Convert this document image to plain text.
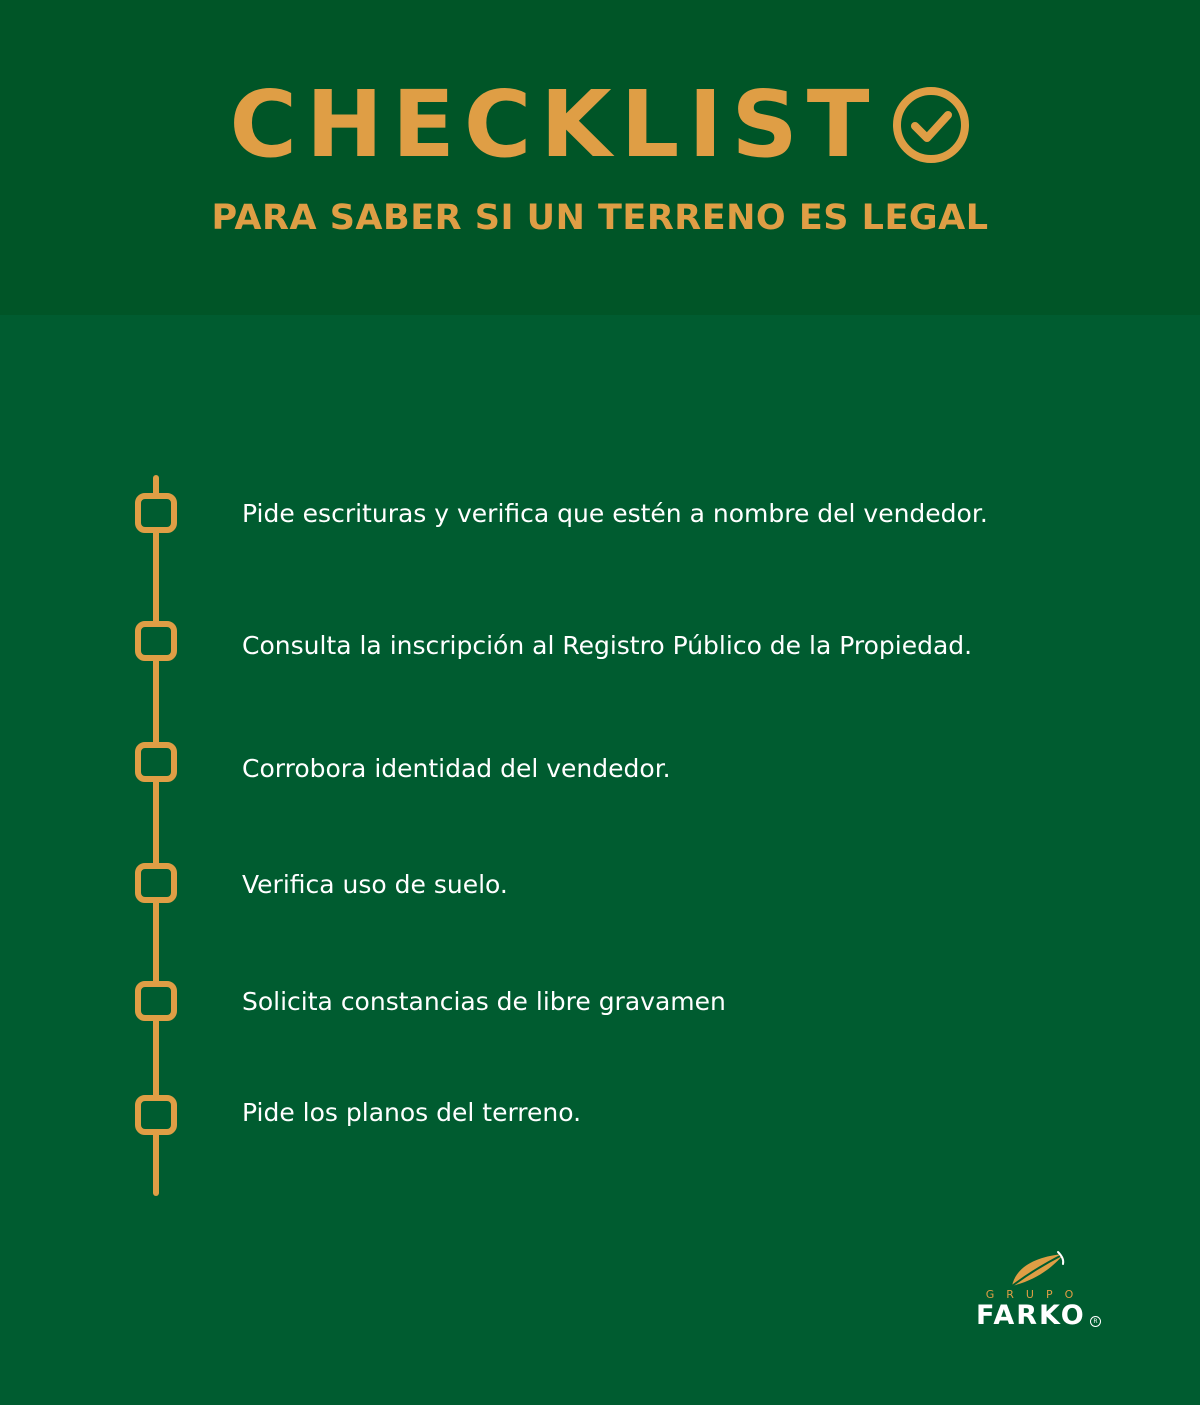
CHECKLIST
PARA SABER SI UN TERRENO ES LEGAL
Pide escrituras y verifica que estén a nombre del vendedor.
Consulta la inscripción al Registro Público de la Propiedad.
Corrobora identidad del vendedor.
Verifica uso de suelo.
Solicita constancias de libre gravamen
Pide los planos del terreno.
GRUPO
FARKO	R
